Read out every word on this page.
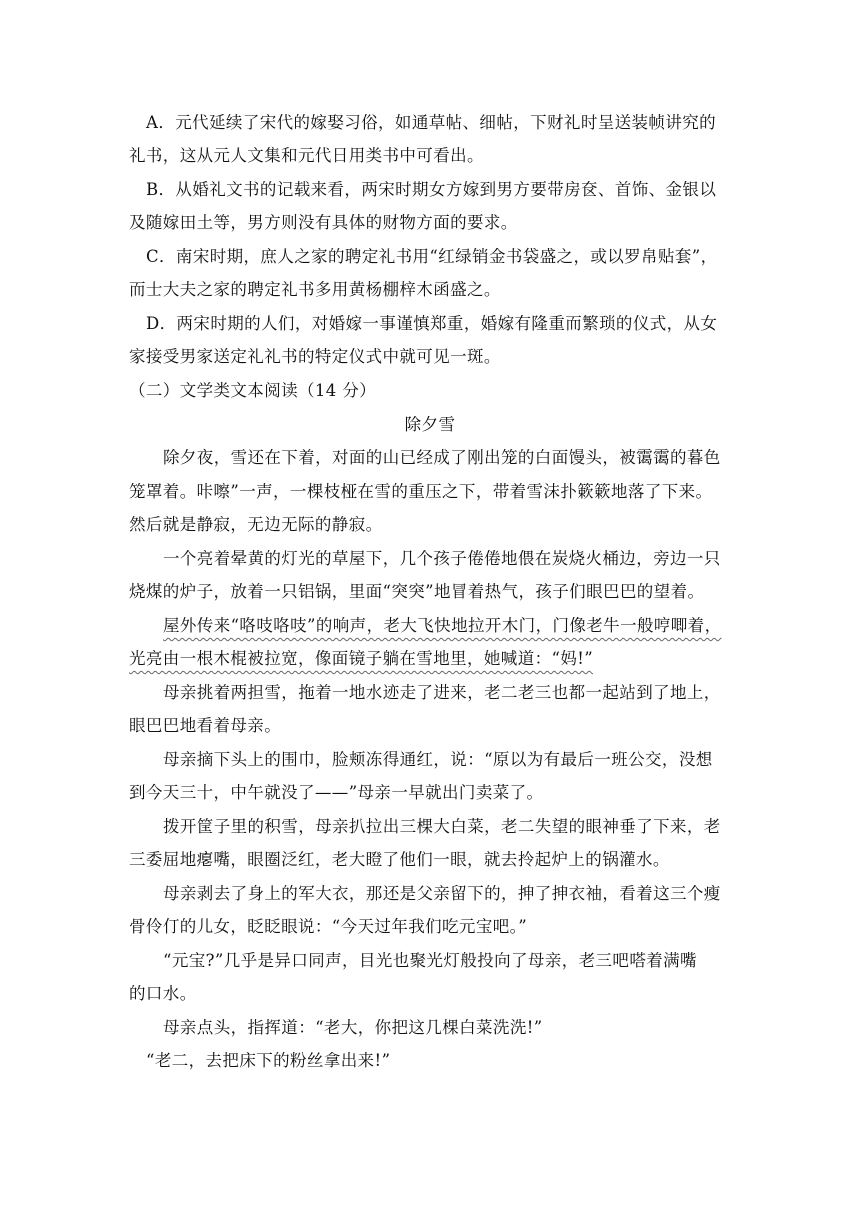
A．元代延续了宋代的嫁娶习俗，如通草帖、细帖，下财礼时呈送装帧讲究的
礼书，这从元人文集和元代日用类书中可看出。
B．从婚礼文书的记载来看，两宋时期女方嫁到男方要带房奁、首饰、金银以
及随嫁田土等，男方则没有具体的财物方面的要求。
C．南宋时期，庶人之家的聘定礼书用“红绿销金书袋盛之，或以罗帛贴套”，
而士大夫之家的聘定礼书多用黄杨棚梓木函盛之。
D．两宋时期的人们，对婚嫁一事谨慎郑重，婚嫁有隆重而繁琐的仪式，从女
家接受男家送定礼礼书的特定仪式中就可见一斑。
（二）文学类文本阅读（14 分）
除夕雪
除夕夜，雪还在下着，对面的山已经成了刚出笼的白面馒头，被霭霭的暮色
笼罩着。咔嚓”一声，一棵枝桠在雪的重压之下，带着雪沫扑簌簌地落了下来。
然后就是静寂，无边无际的静寂。
一个亮着晕黄的灯光的草屋下，几个孩子倦倦地偎在炭烧火桶边，旁边一只
烧煤的炉子，放着一只铝锅，里面“突突”地冒着热气，孩子们眼巴巴的望着。
屋外传来“咯吱咯吱”的响声，老大飞快地拉开木门，门像老牛一般哼唧着，
光亮由一根木棍被拉宽，像面镜子躺在雪地里，她喊道：“妈!”
母亲挑着两担雪，拖着一地水迹走了进来，老二老三也都一起站到了地上，
眼巴巴地看着母亲。
母亲摘下头上的围巾，脸颊冻得通红，说：“原以为有最后一班公交，没想
到今天三十，中午就没了——”母亲一早就出门卖菜了。
拨开筐子里的积雪，母亲扒拉出三棵大白菜，老二失望的眼神垂了下来，老
三委屈地瘪嘴，眼圈泛红，老大瞪了他们一眼，就去拎起炉上的锅灌水。
母亲剥去了身上的军大衣，那还是父亲留下的，抻了抻衣袖，看着这三个瘦
骨伶仃的儿女，眨眨眼说：“今天过年我们吃元宝吧。”
“元宝?”几乎是异口同声，目光也聚光灯般投向了母亲，老三吧嗒着满嘴
的口水。
母亲点头，指挥道：“老大，你把这几棵白菜洗洗!”
“老二，去把床下的粉丝拿出来!”
